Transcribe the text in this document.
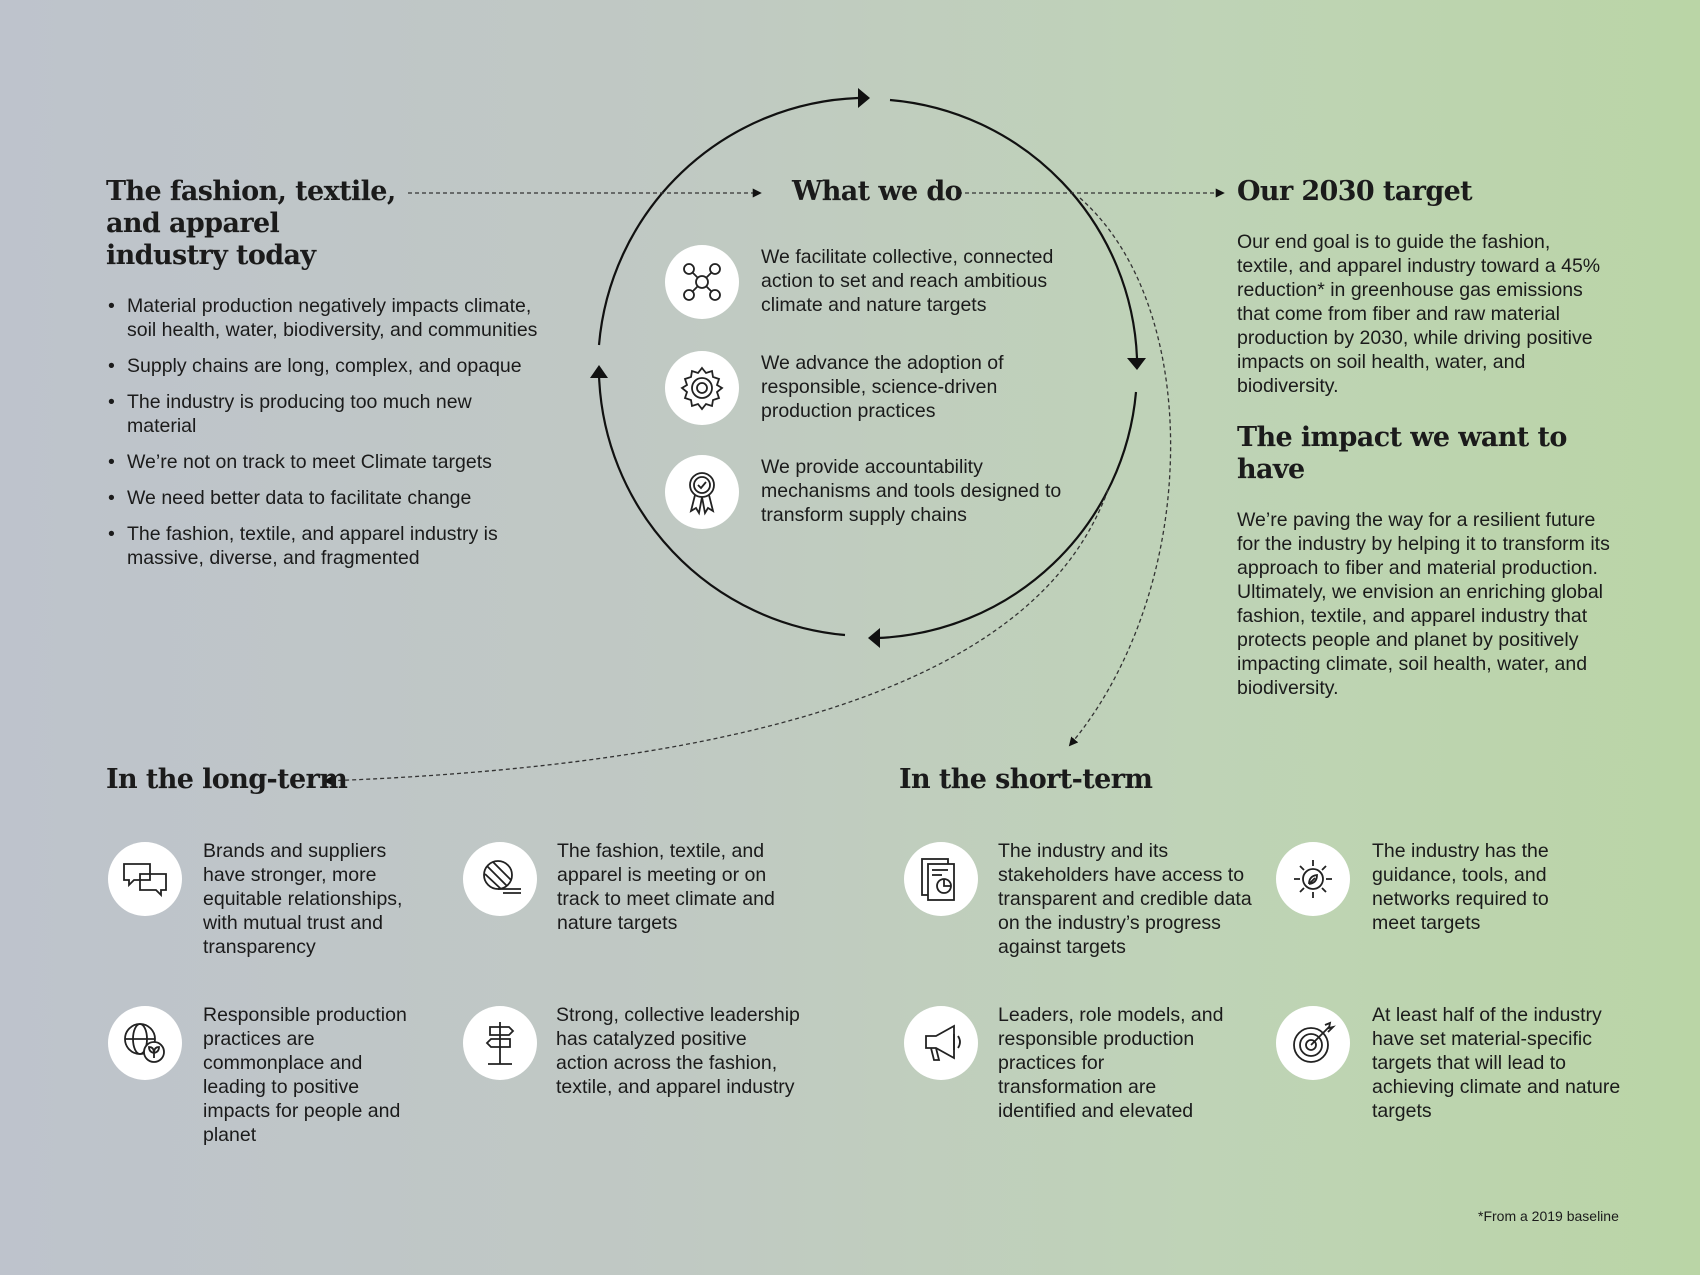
The fashion, textile, and apparel industry today
• Material production negatively impacts climate, soil health, water, biodiversity, and communities
• Supply chains are long, complex, and opaque
• The industry is producing too much new material
• We’re not on track to meet Climate targets
• We need better data to facilitate change
• The fashion, textile, and apparel industry is massive, diverse, and fragmented
What we do
We facilitate collective, connected action to set and reach ambitious climate and nature targets
We advance the adoption of responsible, science-driven production practices
We provide accountability mechanisms and tools designed to transform supply chains
Our 2030 target
Our end goal is to guide the fashion, textile, and apparel industry toward a 45% reduction* in greenhouse gas emissions that come from fiber and raw material production by 2030, while driving positive impacts on soil health, water, and biodiversity.
The impact we want to have
We’re paving the way for a resilient future for the industry by helping it to transform its approach to fiber and material production. Ultimately, we envision an enriching global fashion, textile, and apparel industry that protects people and planet by positively impacting climate, soil health, water, and biodiversity.
In the long-term
Brands and suppliers have stronger, more equitable relationships, with mutual trust and transparency
The fashion, textile, and apparel is meeting or on track to meet climate and nature targets
Responsible production practices are commonplace and leading to positive impacts for people and planet
Strong, collective leadership has catalyzed positive action across the fashion, textile, and apparel industry
In the short-term
The industry and its stakeholders have access to transparent and credible data on the industry’s progress against targets
The industry has the guidance, tools, and networks required to meet targets
Leaders, role models, and responsible production practices for transformation are identified and elevated
At least half of the industry have set material-specific targets that will lead to achieving climate and nature targets
*From a 2019 baseline
